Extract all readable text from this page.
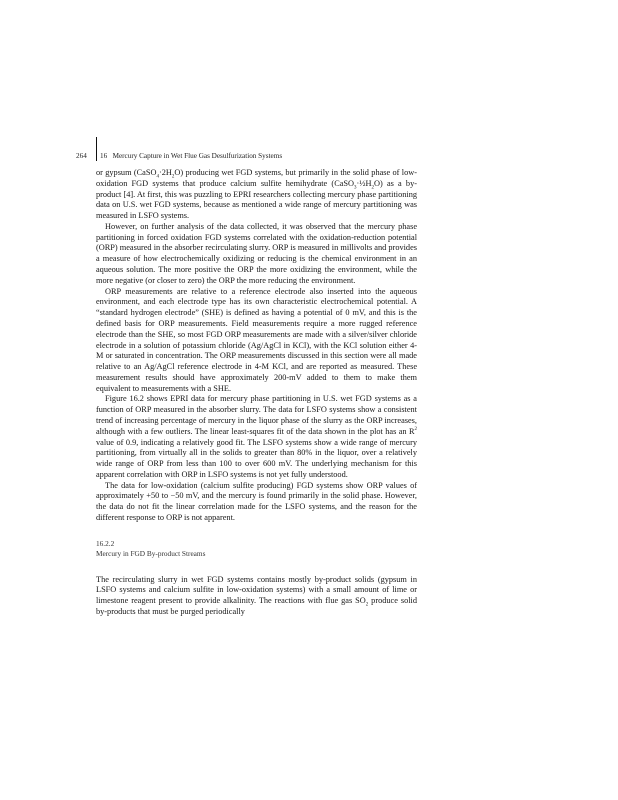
264 16 Mercury Capture in Wet Flue Gas Desulfurization Systems

or gypsum $(CaSO_4\cdot 2H_2O)$ producing wet FGD systems, but primarily in the solid phase of low-oxidation FGD systems that produce calcium sulfite hemihydrate $(CaSO_3\cdot\frac{1}{2}H_2O)$ as a by-product [4]. At first, this was puzzling to EPRI researchers collecting mercury phase partitioning data on U.S. wet FGD systems, because as mentioned a wide range of mercury partitioning was measured in LSFO systems.

However, on further analysis of the data collected, it was observed that the mercury phase partitioning in forced oxidation FGD systems correlated with the oxidation-reduction potential (ORP) measured in the absorber recirculating slurry. ORP is measured in millivolts and provides a measure of how electrochemically oxidizing or reducing is the chemical environment in an aqueous solution. The more positive the ORP the more oxidizing the environment, while the more negative (or closer to zero) the ORP the more reducing the environment.

ORP measurements are relative to a reference electrode also inserted into the aqueous environment, and each electrode type has its own characteristic electrochemical potential. A “standard hydrogen electrode” (SHE) is defined as having a potential of 0 mV, and this is the defined basis for ORP measurements. Field measurements require a more rugged reference electrode than the SHE, so most FGD ORP measurements are made with a silver/silver chloride electrode in a solution of potassium chloride (Ag/AgCl in KCl), with the KCl solution either 4-M or saturated in concentration. The ORP measurements discussed in this section were all made relative to an Ag/AgCl reference electrode in 4-M KCl, and are reported as measured. These measurement results should have approximately 200-mV added to them to make them equivalent to measurements with a SHE.

Figure 16.2 shows EPRI data for mercury phase partitioning in U.S. wet FGD systems as a function of ORP measured in the absorber slurry. The data for LSFO systems show a consistent trend of increasing percentage of mercury in the liquor phase of the slurry as the ORP increases, although with a few outliers. The linear least-squares fit of the data shown in the plot has an $R^2$ value of 0.9, indicating a relatively good fit. The LSFO systems show a wide range of mercury partitioning, from virtually all in the solids to greater than 80% in the liquor, over a relatively wide range of ORP from less than 100 to over 600 mV. The underlying mechanism for this apparent correlation with ORP in LSFO systems is not yet fully understood.

The data for low-oxidation (calcium sulfite producing) FGD systems show ORP values of approximately +50 to −50 mV, and the mercury is found primarily in the solid phase. However, the data do not fit the linear correlation made for the LSFO systems, and the reason for the different response to ORP is not apparent.

16.2.2
Mercury in FGD By-product Streams

The recirculating slurry in wet FGD systems contains mostly by-product solids (gypsum in LSFO systems and calcium sulfite in low-oxidation systems) with a small amount of lime or limestone reagent present to provide alkalinity. The reactions with flue gas $SO_2$ produce solid by-products that must be purged periodically
